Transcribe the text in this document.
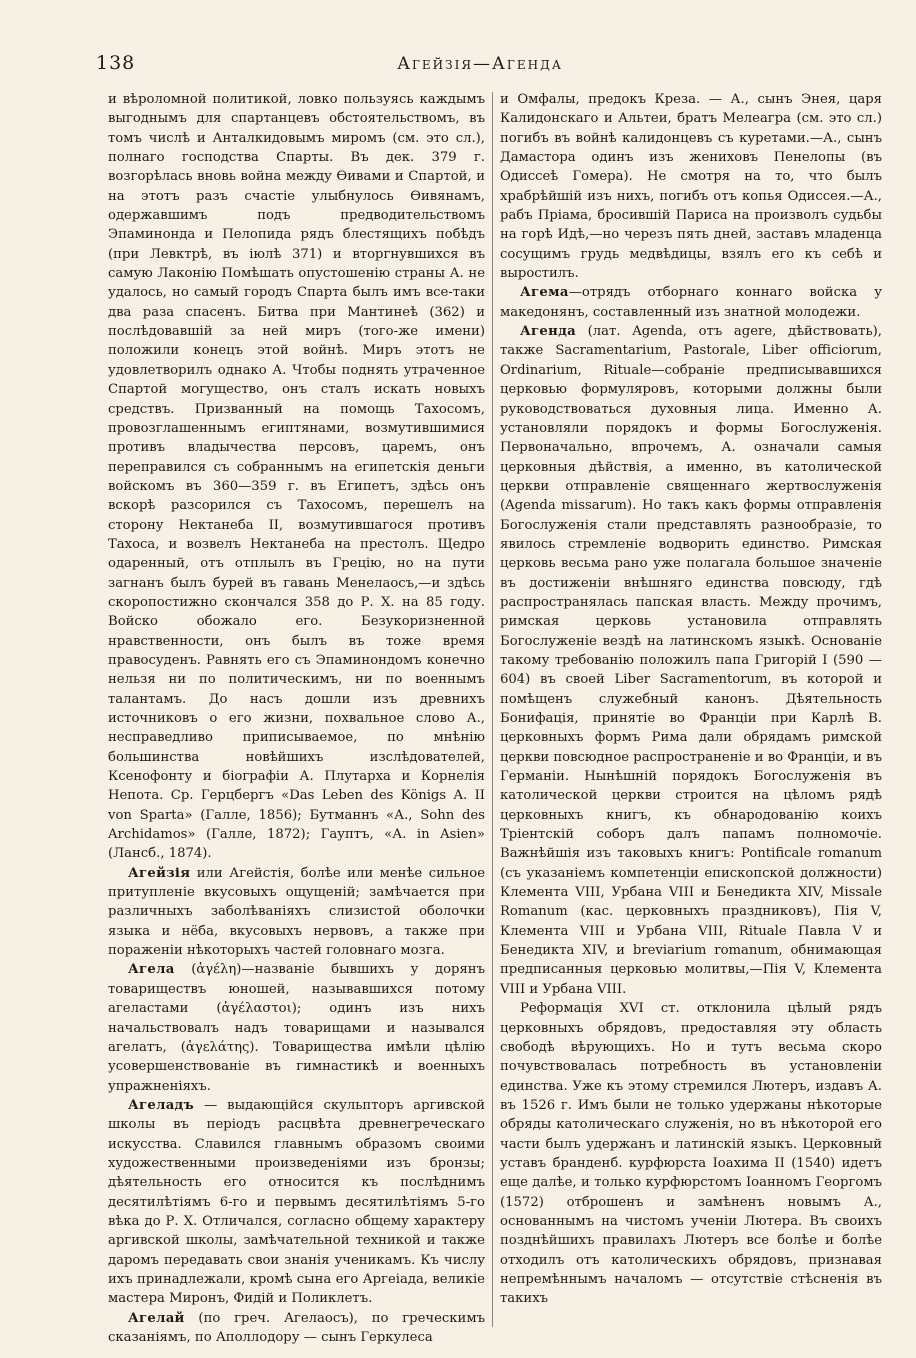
138	Агейзія—Агенда

и вѣроломной политикой, ловко пользуясь каждымъ выгоднымъ для спартанцевъ обстоятельствомъ, въ томъ числѣ и Анталкидовымъ миромъ (см. это сл.), полнаго господства Спарты. Въ дек. 379 г. возгорѣлась вновь война между Ѳивами и Спартой, и на этотъ разъ счастіе улыбнулось Ѳивянамъ, одержавшимъ подъ предводительствомъ Эпаминонда и Пелопида рядъ блестящихъ побѣдъ (при Левктрѣ, въ іюлѣ 371) и вторгнувшихся въ самую Лаконію Помѣшать опустошенію страны А. не удалось, но самый городъ Спарта былъ имъ все-таки два раза спасенъ. Битва при Мантинеѣ (362) и послѣдовавшій за ней миръ (того-же имени) положили конецъ этой войнѣ. Миръ этотъ не удовлетворилъ однако А. Чтобы поднять утраченное Спартой могущество, онъ сталъ искать новыхъ средствъ. Призванный на помощь Тахосомъ, провозглашеннымъ египтянами, возмутившимися противъ владычества персовъ, царемъ, онъ переправился съ собраннымъ на египетскія деньги войскомъ въ 360—359 г. въ Египетъ, здѣсь онъ вскорѣ разсорился съ Тахосомъ, перешелъ на сторону Нектанеба II, возмутившагося противъ Тахоса, и возвелъ Нектанеба на престолъ. Щедро одаренный, отъ отплылъ въ Грецію, но на пути загнанъ былъ бурей въ гавань Менелаосъ,—и здѣсь скоропостижно скончался 358 до Р. Х. на 85 году. Войско обожало его. Безукоризненной нравственности, онъ былъ въ тоже время правосуденъ. Равнять его съ Эпаминондомъ конечно нельзя ни по политическимъ, ни по военнымъ талантамъ. До насъ дошли изъ древнихъ источниковъ о его жизни, похвальное слово А., несправедливо приписываемое, по мнѣнію большинства новѣйшихъ изслѣдователей, Ксенофонту и біографіи А. Плутарха и Корнелія Непота. Ср. Герцбергъ «Das Leben des Königs A. II von Sparta» (Галле, 1856); Бутманнъ «А., Sohn des Archidamos» (Галле, 1872); Гауптъ, «А. in Asien» (Лансб., 1874).

Агейзія или Агейстія, болѣе или менѣе сильное притупленіе вкусовыхъ ощущеній; замѣчается при различныхъ заболѣваніяхъ слизистой оболочки языка и нёба, вкусовыхъ нервовъ, а также при пораженіи нѣкоторыхъ частей головнаго мозга.

Агела (ἀγέλη)—названіе бывшихъ у дорянъ товариществъ юношей, называвшихся потому агеластами (ἀγέλαστοι); одинъ изъ нихъ начальствовалъ надъ товарищами и назывался агелатъ, (ἀγελάτης). Товарищества имѣли цѣлію усовершенствованіе въ гимнастикѣ и военныхъ упражненіяхъ.

Агеладъ — выдающійся скульпторъ аргивской школы въ періодъ расцвѣта древнегреческаго искусства. Славился главнымъ образомъ своими художественными произведеніями изъ бронзы; дѣятельность его относится къ послѣднимъ десятилѣтіямъ 6-го и первымъ десятилѣтіямъ 5-го вѣка до Р. Х. Отличался, согласно общему характеру аргивской школы, замѣчательной техникой и также даромъ передавать свои знанія ученикамъ. Къ числу ихъ принадлежали, кромѣ сына его Аргеіада, великіе мастера Миронъ, Фидій и Поликлетъ.

Агелай (по греч. Агелаосъ), по греческимъ сказаніямъ, по Аполлодору — сынъ Геркулеса

и Омфалы, предокъ Креза. — А., сынъ Энея, царя Калидонскаго и Альтеи, братъ Мелеагра (см. это сл.) погибъ въ войнѣ калидонцевъ съ куретами.—А., сынъ Дамастора одинъ изъ жениховъ Пенелопы (въ Одиссеѣ Гомера). Не смотря на то, что былъ храбрѣйшій изъ нихъ, погибъ отъ копья Одиссея.—А., рабъ Пріама, бросившій Париса на произволъ судьбы на горѣ Идѣ,—но черезъ пять дней, заставъ младенца сосущимъ грудь медвѣдицы, взялъ его къ себѣ и выростилъ.

Агема—отрядъ отборнаго коннаго войска у македонянъ, составленный изъ знатной молодежи.

Агенда (лат. Agenda, отъ agere, дѣйствовать), также Sacramentarium, Pastorale, Liber officiorum, Ordinarium, Rituale—собраніе предписывавшихся церковью формуляровъ, которыми должны были руководствоваться духовныя лица. Именно А. установляли порядокъ и формы Богослуженія. Первоначально, впрочемъ, А. означали самыя церковныя дѣйствія, а именно, въ католической церкви отправленіе священнаго жертвослуженія (Agenda missarum). Но такъ какъ формы отправленія Богослуженія стали представлять разнообразіе, то явилось стремленіе водворить единство. Римская церковь весьма рано уже полагала большое значеніе въ достиженіи внѣшняго единства повсюду, гдѣ распространялась папская власть. Между прочимъ, римская церковь установила отправлять Богослуженіе вездѣ на латинскомъ языкѣ. Основаніе такому требованію положилъ папа Григорій I (590 — 604) въ своей Liber Sacramentorum, въ которой и помѣщенъ служебный канонъ. Дѣятельность Бонифація, принятіе во Франціи при Карлѣ В. церковныхъ формъ Рима дали обрядамъ римской церкви повсюдное распространеніе и во Франціи, и въ Германіи. Нынѣшній порядокъ Богослуженія въ католической церкви строится на цѣломъ рядѣ церковныхъ книгъ, къ обнародованію коихъ Тріентскій соборъ далъ папамъ полномочіе. Важнѣйшія изъ таковыхъ книгъ: Pontificale romanum (съ указаніемъ компетенціи епископской должности) Клемента VIII, Урбана VIII и Бенедикта XIV, Missale Romanum (кас. церковныхъ праздниковъ), Пія V, Клемента VIII и Урбана VIII, Rituale Павла V и Бенедикта XIV, и breviarium romanum, обнимающая предписанныя церковью молитвы,—Пія V, Клемента VIII и Урбана VIII.

Реформація XVI ст. отклонила цѣлый рядъ церковныхъ обрядовъ, предоставляя эту область свободѣ вѣрующихъ. Но и тутъ весьма скоро почувствовалась потребность въ установленіи единства. Уже къ этому стремился Лютеръ, издавъ А. въ 1526 г. Имъ были не только удержаны нѣкоторые обряды католическаго служенія, но въ нѣкоторой его части былъ удержанъ и латинскій языкъ. Церковный уставъ бранденб. курфюрста Іоахима II (1540) идетъ еще далѣе, и только курфюрстомъ Іоанномъ Георгомъ (1572) отброшенъ и замѣненъ новымъ А., основаннымъ на чистомъ ученіи Лютера. Въ своихъ позднѣйшихъ правилахъ Лютеръ все болѣе и болѣе отходилъ отъ католическихъ обрядовъ, признавая непремѣннымъ началомъ — отсутствіе стѣсненія въ такихъ
